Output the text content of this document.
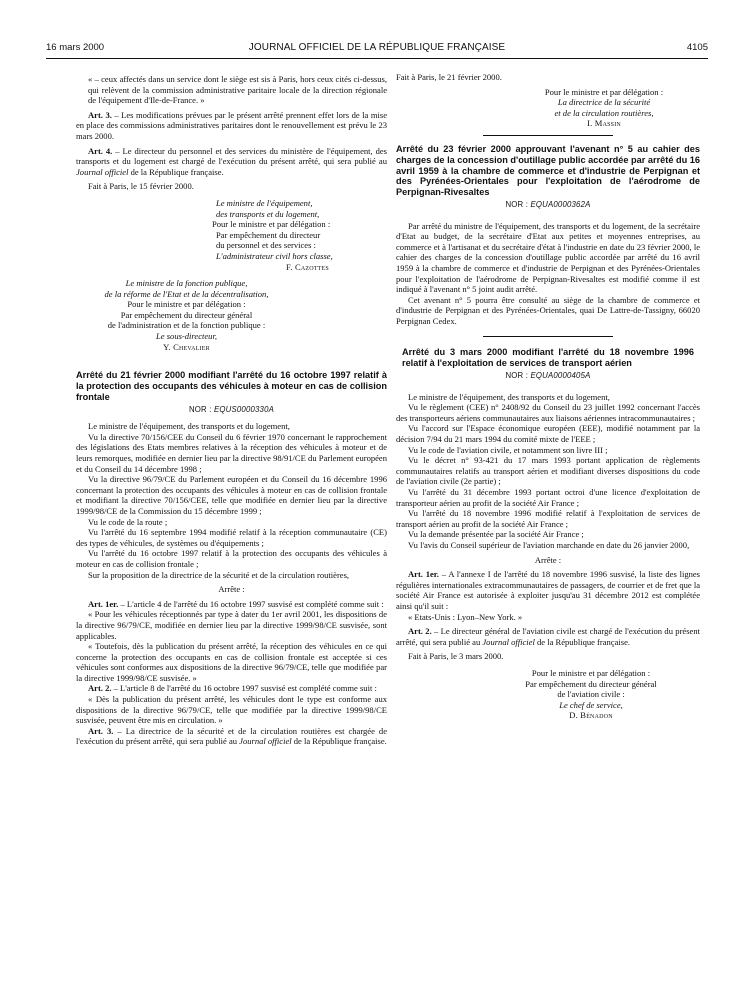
16 mars 2000	JOURNAL OFFICIEL DE LA RÉPUBLIQUE FRANÇAISE	4105

« – ceux affectés dans un service dont le siège est sis à Paris, hors ceux cités ci-dessus, qui relèvent de la commission administrative paritaire locale de la direction régionale de l'équipement d'Ile-de-France. »

Art. 3. – Les modifications prévues par le présent arrêté prennent effet lors de la mise en place des commissions administratives paritaires dont le renouvellement est prévu le 23 mars 2000.

Art. 4. – Le directeur du personnel et des services du ministère de l'équipement, des transports et du logement est chargé de l'exécution du présent arrêté, qui sera publié au Journal officiel de la République française.

Fait à Paris, le 15 février 2000.

Le ministre de l'équipement,
des transports et du logement,
Pour le ministre et par délégation :
Par empêchement du directeur
du personnel et des services :
L'administrateur civil hors classe,
F. Cazottes
Le ministre de la fonction publique,
de la réforme de l'Etat et de la décentralisation,
Pour le ministre et par délégation :
Par empêchement du directeur général
de l'administration et de la fonction publique :
Le sous-directeur,
Y. Chevalier

Arrêté du 21 février 2000 modifiant l'arrêté du 16 octobre 1997 relatif à la protection des occupants des véhicules à moteur en cas de collision frontale

NOR : EQUS0000330A

Le ministre de l'équipement, des transports et du logement,

Vu la directive 70/156/CEE du Conseil du 6 février 1970 concernant le rapprochement des législations des Etats membres relatives à la réception des véhicules à moteur et de leurs remorques, modifiée en dernier lieu par la directive 98/91/CE du Parlement européen et du Conseil du 14 décembre 1998 ;

Vu la directive 96/79/CE du Parlement européen et du Conseil du 16 décembre 1996 concernant la protection des occupants des véhicules à moteur en cas de collision frontale et modifiant la directive 70/156/CEE, telle que modifiée en dernier lieu par la directive 1999/98/CE de la Commission du 15 décembre 1999 ;

Vu le code de la route ;

Vu l'arrêté du 16 septembre 1994 modifié relatif à la réception communautaire (CE) des types de véhicules, de systèmes ou d'équipements ;

Vu l'arrêté du 16 octobre 1997 relatif à la protection des occupants des véhicules à moteur en cas de collision frontale ;

Sur la proposition de la directrice de la sécurité et de la circulation routières,

Arrête :

Art. 1er. – L'article 4 de l'arrêté du 16 octobre 1997 susvisé est complété comme suit :

« Pour les véhicules réceptionnés par type à dater du 1er avril 2001, les dispositions de la directive 96/79/CE, modifiée en dernier lieu par la directive 1999/98/CE susvisée, sont applicables.

« Toutefois, dès la publication du présent arrêté, la réception des véhicules en ce qui concerne la protection des occupants en cas de collision frontale est acceptée si ces véhicules sont conformes aux dispositions de la directive 96/79/CE, telle que modifiée par la directive 1999/98/CE susvisée. »

Art. 2. – L'article 8 de l'arrêté du 16 octobre 1997 susvisé est complété comme suit :

« Dès la publication du présent arrêté, les véhicules dont le type est conforme aux dispositions de la directive 96/79/CE, telle que modifiée par la directive 1999/98/CE susvisée, peuvent être mis en circulation. »

Art. 3. – La directrice de la sécurité et de la circulation routières est chargée de l'exécution du présent arrêté, qui sera publié au Journal officiel de la République française.

Fait à Paris, le 21 février 2000.

Pour le ministre et par délégation :
La directrice de la sécurité
et de la circulation routières,
I. Massin

Arrêté du 23 février 2000 approuvant l'avenant n° 5 au cahier des charges de la concession d'outillage public accordée par arrêté du 16 avril 1959 à la chambre de commerce et d'industrie de Perpignan et des Pyrénées-Orientales pour l'exploitation de l'aérodrome de Perpignan-Rivesaltes

NOR : EQUA0000362A

Par arrêté du ministre de l'équipement, des transports et du logement, de la secrétaire d'Etat au budget, de la secrétaire d'Etat aux petites et moyennes entreprises, au commerce et à l'artisanat et du secrétaire d'état à l'industrie en date du 23 février 2000, le cahier des charges de la concession d'outillage public accordée par arrêté du 16 avril 1959 à la chambre de commerce et d'industrie de Perpignan et des Pyrénées-Orientales pour l'exploitation de l'aérodrome de Perpignan-Rivesaltes est modifié comme il est indiqué à l'avenant n° 5 joint audit arrêté.

Cet avenant n° 5 pourra être consulté au siège de la chambre de commerce et d'industrie de Perpignan et des Pyrénées-Orientales, quai De Lattre-de-Tassigny, 66020 Perpignan Cedex.

Arrêté du 3 mars 2000 modifiant l'arrêté du 18 novembre 1996 relatif à l'exploitation de services de transport aérien

NOR : EQUA0000405A

Le ministre de l'équipement, des transports et du logement,

Vu le règlement (CEE) n° 2408/92 du Conseil du 23 juillet 1992 concernant l'accès des transporteurs aériens communautaires aux liaisons aériennes intracommunautaires ;

Vu l'accord sur l'Espace économique européen (EEE), modifié notamment par la décision 7/94 du 21 mars 1994 du comité mixte de l'EEE ;

Vu le code de l'aviation civile, et notamment son livre III ;

Vu le décret n° 93-421 du 17 mars 1993 portant application de règlements communautaires relatifs au transport aérien et modifiant diverses dispositions du code de l'aviation civile (2e partie) ;

Vu l'arrêté du 31 décembre 1993 portant octroi d'une licence d'exploitation de transporteur aérien au profit de la société Air France ;

Vu l'arrêté du 18 novembre 1996 modifié relatif à l'exploitation de services de transport aérien au profit de la société Air France ;

Vu la demande présentée par la société Air France ;

Vu l'avis du Conseil supérieur de l'aviation marchande en date du 26 janvier 2000,

Arrête :

Art. 1er. – A l'annexe I de l'arrêté du 18 novembre 1996 susvisé, la liste des lignes régulières internationales extracommunautaires de passagers, de courrier et de fret que la société Air France est autorisée à exploiter jusqu'au 31 décembre 2012 est complétée ainsi qu'il suit :

« Etats-Unis : Lyon–New York. »

Art. 2. – Le directeur général de l'aviation civile est chargé de l'exécution du présent arrêté, qui sera publié au Journal officiel de la République française.

Fait à Paris, le 3 mars 2000.

Pour le ministre et par délégation :
Par empêchement du directeur général
de l'aviation civile :
Le chef de service,
D. Bénadon
